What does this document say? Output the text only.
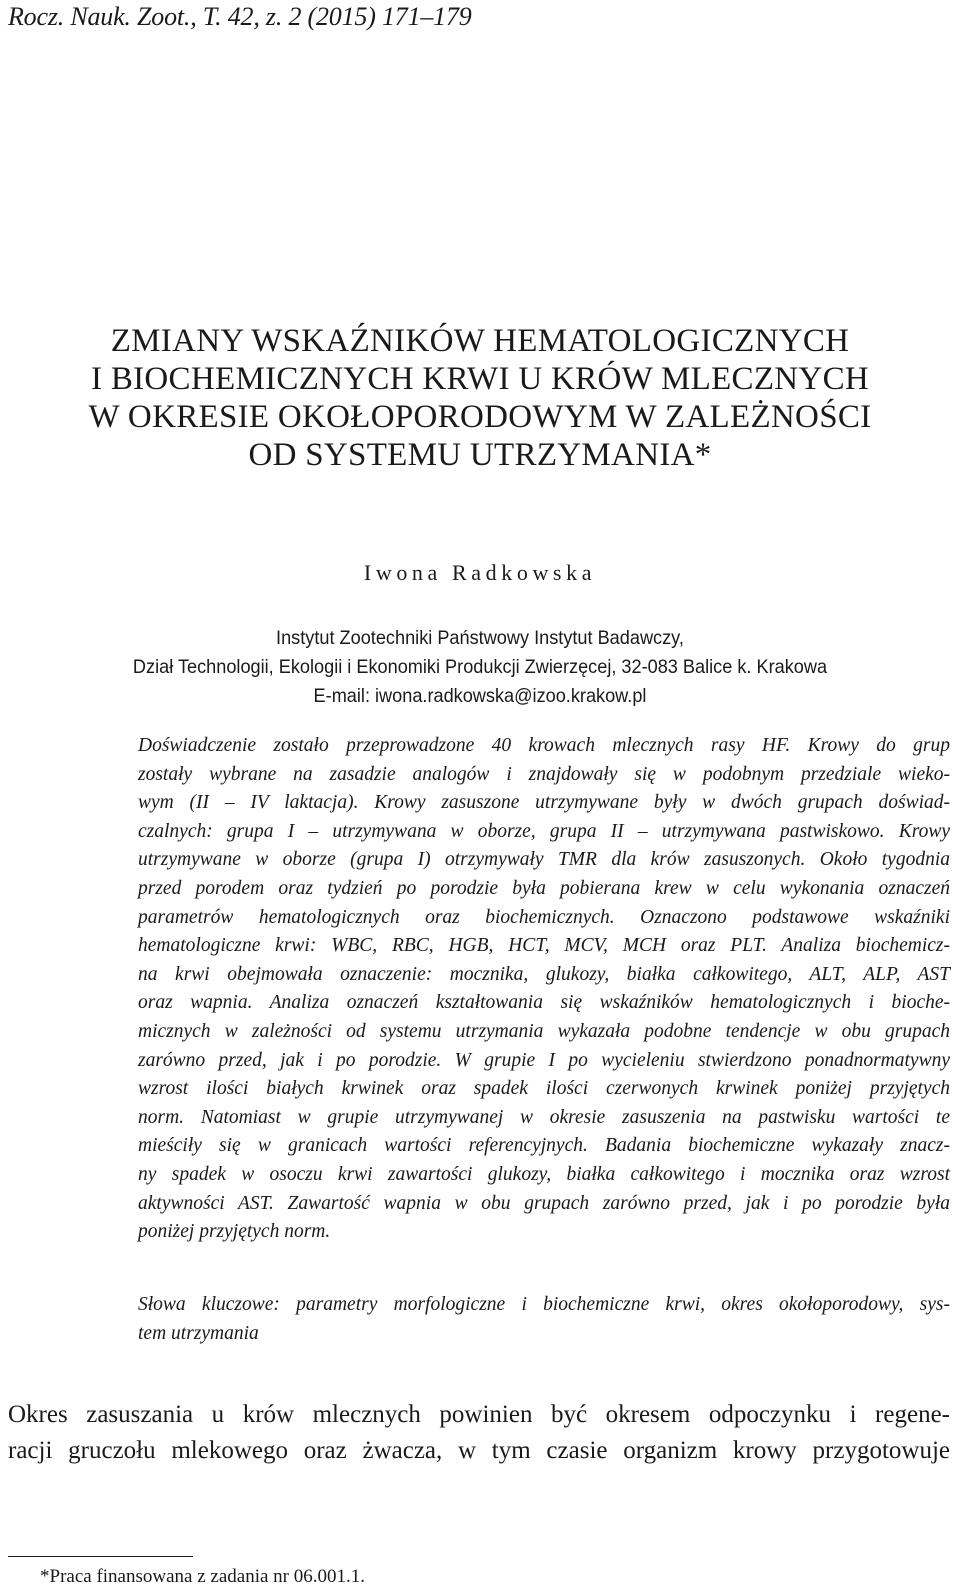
Rocz. Nauk. Zoot., T. 42, z. 2 (2015) 171–179
ZMIANY WSKAŹNIKÓW HEMATOLOGICZNYCH
I BIOCHEMICZNYCH KRWI U KRÓW MLECZNYCH
W OKRESIE OKOŁOPORODOWYM W ZALEŻNOŚCI
OD SYSTEMU UTRZYMANIA*
Iwona Radkowska
Instytut Zootechniki Państwowy Instytut Badawczy,
Dział Technologii, Ekologii i Ekonomiki Produkcji Zwierzęcej, 32-083 Balice k. Krakowa
E-mail: iwona.radkowska@izoo.krakow.pl
Doświadczenie zostało przeprowadzone 40 krowach mlecznych rasy HF. Krowy do grup
zostały wybrane na zasadzie analogów i znajdowały się w podobnym przedziale wieko-
wym (II – IV laktacja). Krowy zasuszone utrzymywane były w dwóch grupach doświad-
czalnych: grupa I – utrzymywana w oborze, grupa II – utrzymywana pastwiskowo. Krowy
utrzymywane w oborze (grupa I) otrzymywały TMR dla krów zasuszonych. Około tygodnia
przed porodem oraz tydzień po porodzie była pobierana krew w celu wykonania oznaczeń
parametrów hematologicznych oraz biochemicznych. Oznaczono podstawowe wskaźniki
hematologiczne krwi: WBC, RBC, HGB, HCT, MCV, MCH oraz PLT. Analiza biochemicz-
na krwi obejmowała oznaczenie: mocznika, glukozy, białka całkowitego, ALT, ALP, AST
oraz wapnia. Analiza oznaczeń kształtowania się wskaźników hematologicznych i bioche-
micznych w zależności od systemu utrzymania wykazała podobne tendencje w obu grupach
zarówno przed, jak i po porodzie. W grupie I po wycieleniu stwierdzono ponadnormatywny
wzrost ilości białych krwinek oraz spadek ilości czerwonych krwinek poniżej przyjętych
norm. Natomiast w grupie utrzymywanej w okresie zasuszenia na pastwisku wartości te
mieściły się w granicach wartości referencyjnych. Badania biochemiczne wykazały znacz-
ny spadek w osoczu krwi zawartości glukozy, białka całkowitego i mocznika oraz wzrost
aktywności AST. Zawartość wapnia w obu grupach zarówno przed, jak i po porodzie była
poniżej przyjętych norm.
Słowa kluczowe: parametry morfologiczne i biochemiczne krwi, okres okołoporodowy, sys-
tem utrzymania
Okres zasuszania u krów mlecznych powinien być okresem odpoczynku i regene-
racji gruczołu mlekowego oraz żwacza, w tym czasie organizm krowy przygotowuje
*Praca finansowana z zadania nr 06.001.1.
